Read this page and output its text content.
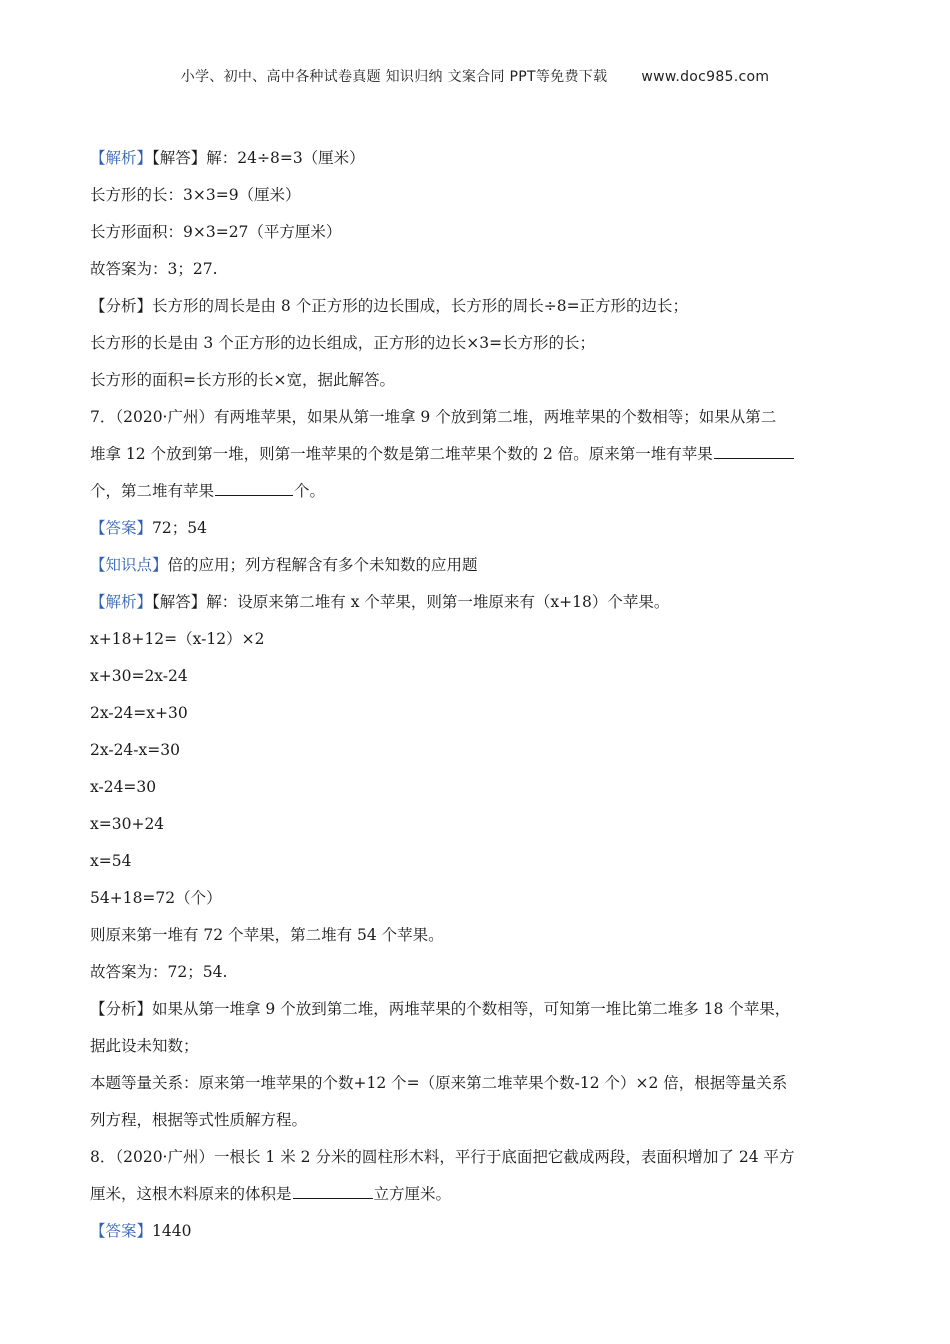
小学、初中、高中各种试卷真题 知识归纳 文案合同 PPT等免费下载 www.doc985.com
【解析】【解答】解：24÷8=3（厘米）
长方形的长：3×3=9（厘米）
长方形面积：9×3=27（平方厘米）
故答案为：3；27.
【分析】长方形的周长是由 8 个正方形的边长围成，长方形的周长÷8=正方形的边长；
长方形的长是由 3 个正方形的边长组成，正方形的边长×3=长方形的长；
长方形的面积=长方形的长×宽，据此解答。
7．（2020·广州）有两堆苹果，如果从第一堆拿 9 个放到第二堆，两堆苹果的个数相等；如果从第二
堆拿 12 个放到第一堆，则第一堆苹果的个数是第二堆苹果个数的 2 倍。原来第一堆有苹果
个，第二堆有苹果	个。
【答案】72；54
【知识点】倍的应用；列方程解含有多个未知数的应用题
【解析】【解答】解：设原来第二堆有 x 个苹果，则第一堆原来有（x+18）个苹果。
x+18+12=（x-12）×2
x+30=2x-24
2x-24=x+30
2x-24-x=30
x-24=30
x=30+24
x=54
54+18=72（个）
则原来第一堆有 72 个苹果，第二堆有 54 个苹果。
故答案为：72；54.
【分析】如果从第一堆拿 9 个放到第二堆，两堆苹果的个数相等，可知第一堆比第二堆多 18 个苹果，
据此设未知数；
本题等量关系：原来第一堆苹果的个数+12 个=（原来第二堆苹果个数-12 个）×2 倍，根据等量关系
列方程，根据等式性质解方程。
8．（2020·广州）一根长 1 米 2 分米的圆柱形木料，平行于底面把它截成两段，表面积增加了 24 平方
厘米，这根木料原来的体积是	立方厘米。
【答案】1440
